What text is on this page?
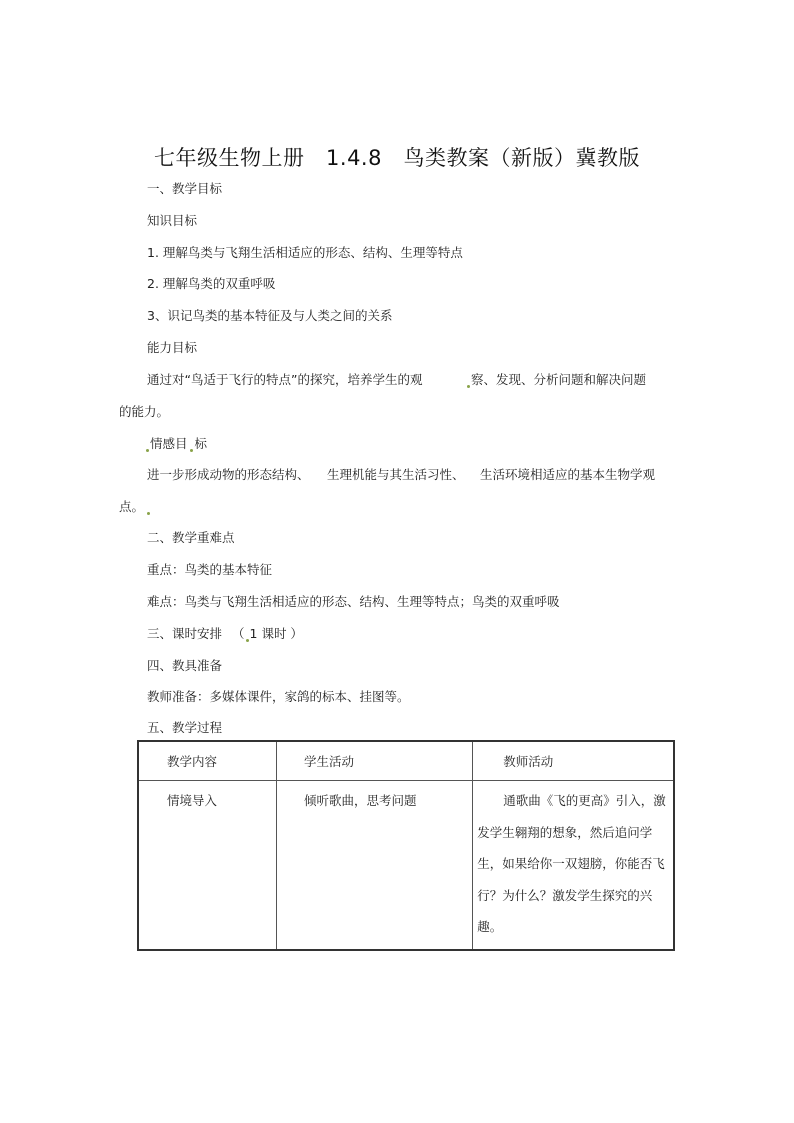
七年级生物上册　1.4.8　鸟类教案（新版）冀教版
一、教学目标
知识目标
1. 理解鸟类与飞翔生活相适应的形态、结构、生理等特点
2. 理解鸟类的双重呼吸
3、识记鸟类的基本特征及与人类之间的关系
能力目标
通过对“鸟适于飞行的特点”的探究，培养学生的观	察、发现、分析问题和解决问题
的能力。
情感目 标
进一步形成动物的形态结构、 生理机能与其生活习性、 生活环境相适应的基本生物学观
点。
二、教学重难点
重点：鸟类的基本特征
难点：鸟类与飞翔生活相适应的形态、结构、生理等特点；鸟类的双重呼吸
三、课时安排 （ 1 课时 ）
四、教具准备
教师准备：多媒体课件，家鸽的标本、挂图等。
五、教学过程
教学内容	学生活动	教师活动
情境导入	倾听歌曲，思考问题	通歌曲《飞的更高》引入，激发学生翱翔的想象，然后追问学生，如果给你一双翅膀，你能否飞行？为什么？激发学生探究的兴趣。
